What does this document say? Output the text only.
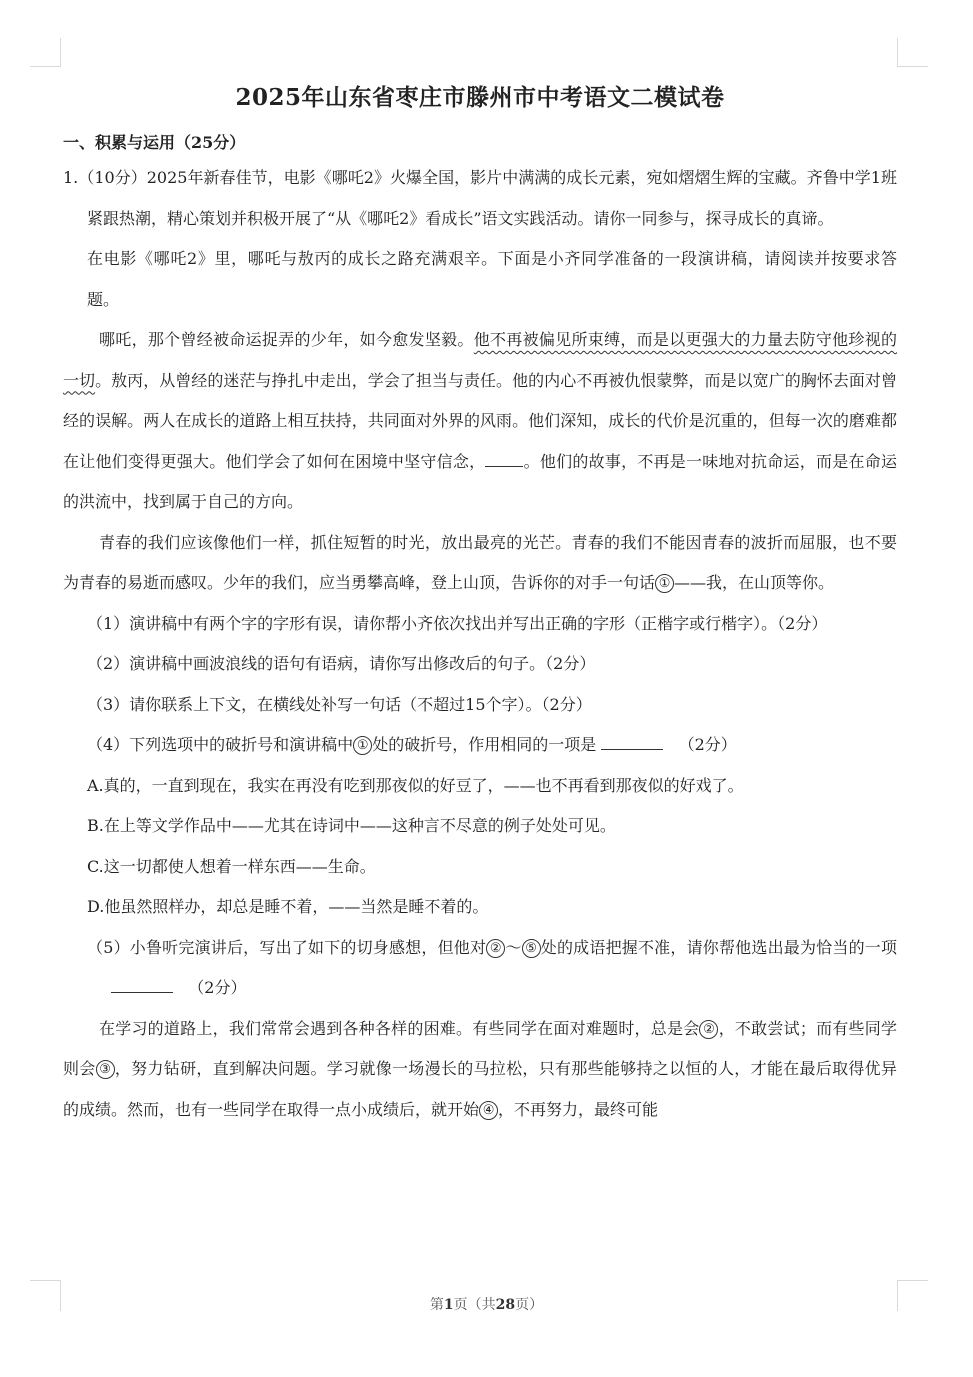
2025年山东省枣庄市滕州市中考语文二模试卷
一、积累与运用（25分）

1.（10分）2025年新春佳节，电影《哪吒2》火爆全国，影片中满满的成长元素，宛如熠熠生辉的宝藏。齐鲁中学1班紧跟热潮，精心策划并积极开展了“从《哪吒2》看成长”语文实践活动。请你一同参与，探寻成长的真谛。

在电影《哪吒2》里，哪吒与敖丙的成长之路充满艰辛。下面是小齐同学准备的一段演讲稿，请阅读并按要求答题。

哪吒，那个曾经被命运捉弄的少年，如今愈发坚毅。他不再被偏见所束缚，而是以更强大的力量去防守他珍视的一切。敖丙，从曾经的迷茫与挣扎中走出，学会了担当与责任。他的内心不再被仇恨蒙弊，而是以宽广的胸怀去面对曾经的误解。两人在成长的道路上相互扶持，共同面对外界的风雨。他们深知，成长的代价是沉重的，但每一次的磨难都在让他们变得更强大。他们学会了如何在困境中坚守信念， 。他们的故事，不再是一味地对抗命运，而是在命运的洪流中，找到属于自己的方向。

青春的我们应该像他们一样，抓住短暂的时光，放出最亮的光芒。青春的我们不能因青春的波折而屈服，也不要为青春的易逝而感叹。少年的我们，应当勇攀高峰，登上山顶，告诉你的对手一句话 ① ——我，在山顶等你。

（1）演讲稿中有两个字的字形有误，请你帮小齐依次找出并写出正确的字形（正楷字或行楷字）。（2分）

（2）演讲稿中画波浪线的语句有语病，请你写出修改后的句子。（2分）

（3）请你联系上下文，在横线处补写一句话（不超过15个字）。（2分）

（4）下列选项中的破折号和演讲稿中 ① 处的破折号，作用相同的一项是	（2分）

A.真的，一直到现在，我实在再没有吃到那夜似的好豆了，——也不再看到那夜似的好戏了。

B.在上等文学作品中——尤其在诗词中——这种言不尽意的例子处处可见。

C.这一切都使人想着一样东西——生命。

D.他虽然照样办，却总是睡不着，——当然是睡不着的。

（5）小鲁听完演讲后，写出了如下的切身感想，但他对 ② ～ ⑤ 处的成语把握不准，请你帮他选出最为恰当的一项    （2分）

在学习的道路上，我们常常会遇到各种各样的困难。有些同学在面对难题时，总是会 ② ，不敢尝试；而有些同学则会 ③ ，努力钻研，直到解决问题。学习就像一场漫长的马拉松，只有那些能够持之以恒的人，才能在最后取得优异的成绩。然而，也有一些同学在取得一点小成绩后，就开始 ④ ，不再努力，最终可能

第1页（共28页）
